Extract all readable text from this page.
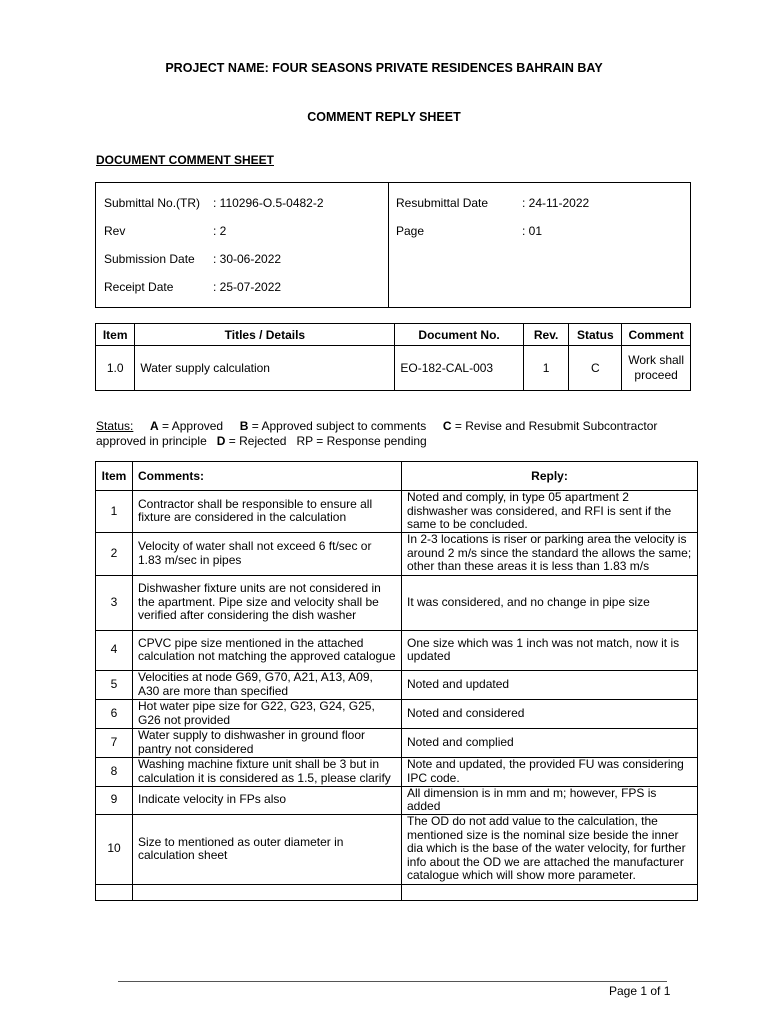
PROJECT NAME: FOUR SEASONS PRIVATE RESIDENCES BAHRAIN BAY
COMMENT REPLY SHEET
DOCUMENT COMMENT SHEET
Submittal No.(TR) : 110296-O.5-0482-2
Rev	: 2
Submission Date : 30-06-2022
Receipt Date	: 25-07-2022
Resubmittal Date	: 24-11-2022
Page	: 01
Item	Titles / Details	Document No.	Rev.	Status	Comment
1.0	Water supply calculation	EO-182-CAL-003	1	C	Work shall proceed
Status: A = Approved B = Approved subject to comments C = Revise and Resubmit Subcontractor approved in principle D = Rejected RP = Response pending
Item	Comments:	Reply:
1	Contractor shall be responsible to ensure all fixture are considered in the calculation	Noted and comply, in type 05 apartment 2 dishwasher was considered, and RFI is sent if the same to be concluded.
2	Velocity of water shall not exceed 6 ft/sec or 1.83 m/sec in pipes	In 2-3 locations is riser or parking area the velocity is around 2 m/s since the standard the allows the same; other than these areas it is less than 1.83 m/s
3	Dishwasher fixture units are not considered in the apartment. Pipe size and velocity shall be verified after considering the dish washer	It was considered, and no change in pipe size
4	CPVC pipe size mentioned in the attached calculation not matching the approved catalogue	One size which was 1 inch was not match, now it is updated
5	Velocities at node G69, G70, A21, A13, A09, A30 are more than specified	Noted and updated
6	Hot water pipe size for G22, G23, G24, G25, G26 not provided	Noted and considered
7	Water supply to dishwasher in ground floor pantry not considered	Noted and complied
8	Washing machine fixture unit shall be 3 but in calculation it is considered as 1.5, please clarify	Note and updated, the provided FU was considering IPC code.
9	Indicate velocity in FPs also	All dimension is in mm and m; however, FPS is added
10	Size to mentioned as outer diameter in calculation sheet	The OD do not add value to the calculation, the mentioned size is the nominal size beside the inner dia which is the base of the water velocity, for further info about the OD we are attached the manufacturer catalogue which will show more parameter.

Page 1 of 1
